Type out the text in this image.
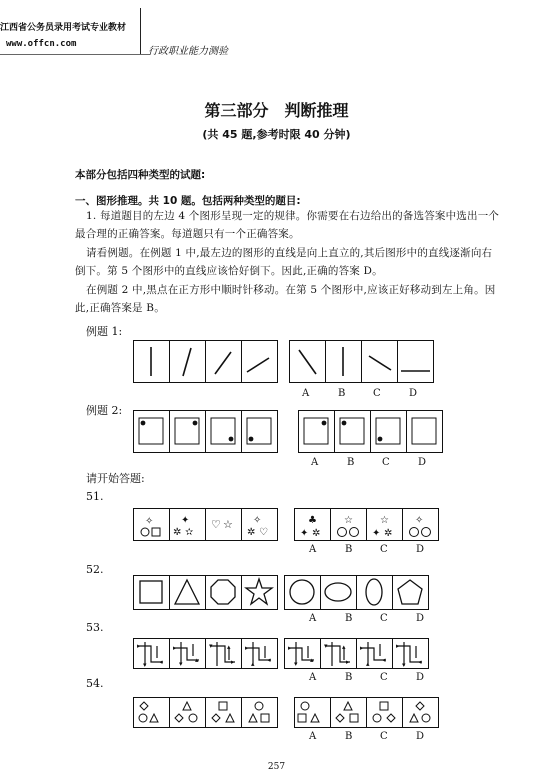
江西省公务员录用考试专业教材
www.offcn.com
行政职业能力测验
第三部分　判断推理
(共 45 题,参考时限 40 分钟)
本部分包括四种类型的试题:
一、图形推理。共 10 题。包括两种类型的题目:
1. 每道题目的左边 4 个图形呈现一定的规律。你需要在右边给出的备选答案中选出一个
最合理的正确答案。每道题只有一个正确答案。
请看例题。在例题 1 中,最左边的图形的直线是向上直立的,其后图形中的直线逐渐向右
倒下。第 5 个图形中的直线应该恰好倒下。因此,正确的答案 D。
在例题 2 中,黑点在正方形中顺时针移动。在第 5 个图形中,应该正好移动到左上角。因
此,正确答案是 B。
例题 1:
A	B	C	D
例题 2:
A	B	C	D
请开始答题:
51.
✧	✦
✲ ✫
♡ ☆ ✧
✲ ♡
♣
✦ ✲
☆	☆
✦ ✲
✧
A	B	C	D
52.
A	B	C	D
53.
▸
◂
▾
▸
▴
▾
▾
▸
▴ ▸
◂
▴
▸
▴
▾
▾
▸
▴ ▸
◂
▴
▸
◂
▾
A	B	C	D
54.
A	B	C	D
257
